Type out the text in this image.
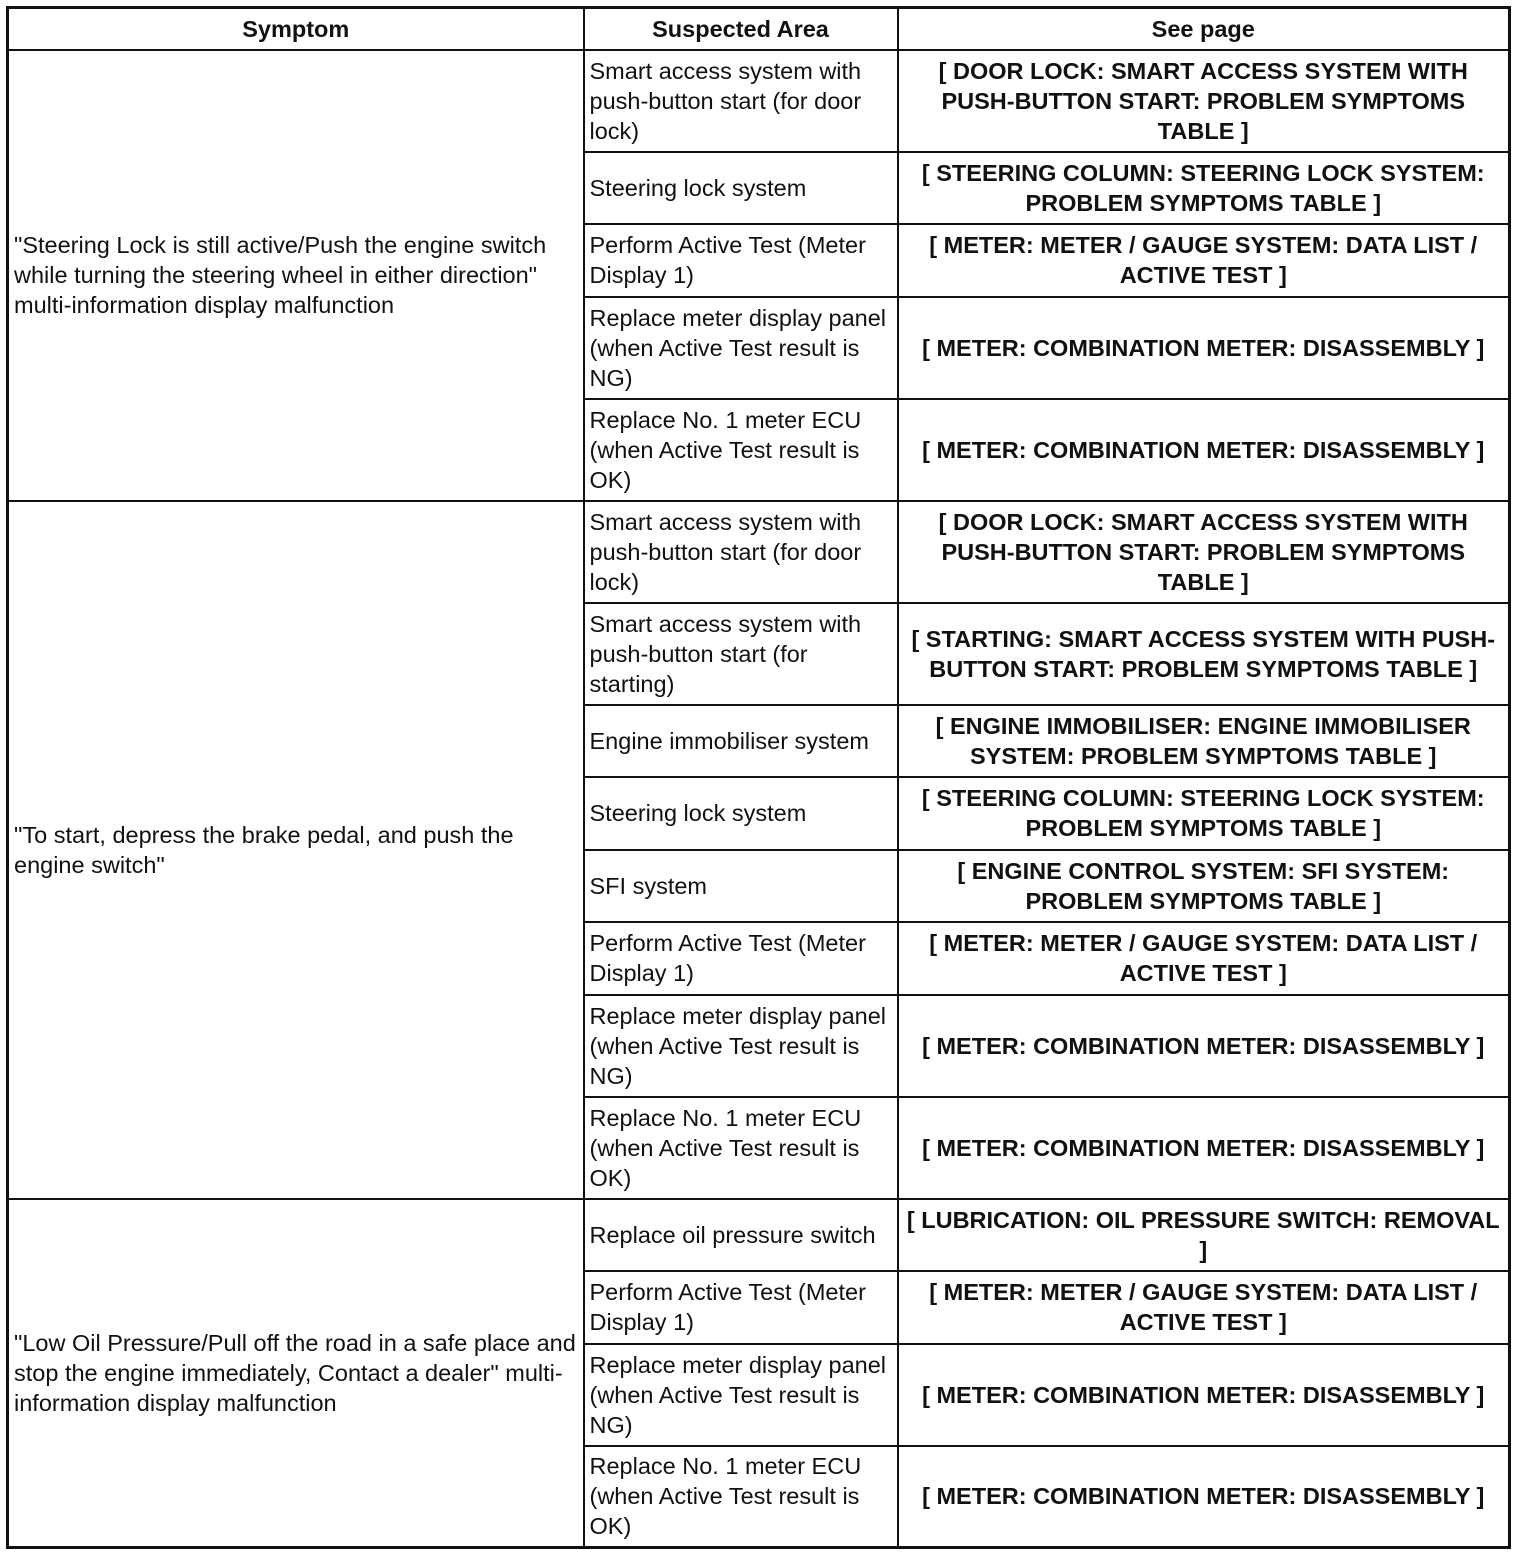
Symptom	Suspected Area	See page
"Steering Lock is still active/Push the engine switch while turning the steering wheel in either direction" multi-information display malfunction	Smart access system with push-button start (for door lock)	[ DOOR LOCK: SMART ACCESS SYSTEM WITH PUSH-BUTTON START: PROBLEM SYMPTOMS TABLE ]
	Steering lock system	[ STEERING COLUMN: STEERING LOCK SYSTEM: PROBLEM SYMPTOMS TABLE ]
	Perform Active Test (Meter Display 1)	[ METER: METER / GAUGE SYSTEM: DATA LIST / ACTIVE TEST ]
	Replace meter display panel (when Active Test result is NG)	[ METER: COMBINATION METER: DISASSEMBLY ]
	Replace No. 1 meter ECU (when Active Test result is OK)	[ METER: COMBINATION METER: DISASSEMBLY ]
"To start, depress the brake pedal, and push the engine switch"	Smart access system with push-button start (for door lock)	[ DOOR LOCK: SMART ACCESS SYSTEM WITH PUSH-BUTTON START: PROBLEM SYMPTOMS TABLE ]
	Smart access system with push-button start (for starting)	[ STARTING: SMART ACCESS SYSTEM WITH PUSH-BUTTON START: PROBLEM SYMPTOMS TABLE ]
	Engine immobiliser system	[ ENGINE IMMOBILISER: ENGINE IMMOBILISER SYSTEM: PROBLEM SYMPTOMS TABLE ]
	Steering lock system	[ STEERING COLUMN: STEERING LOCK SYSTEM: PROBLEM SYMPTOMS TABLE ]
	SFI system	[ ENGINE CONTROL SYSTEM: SFI SYSTEM: PROBLEM SYMPTOMS TABLE ]
	Perform Active Test (Meter Display 1)	[ METER: METER / GAUGE SYSTEM: DATA LIST / ACTIVE TEST ]
	Replace meter display panel (when Active Test result is NG)	[ METER: COMBINATION METER: DISASSEMBLY ]
	Replace No. 1 meter ECU (when Active Test result is OK)	[ METER: COMBINATION METER: DISASSEMBLY ]
"Low Oil Pressure/Pull off the road in a safe place and stop the engine immediately, Contact a dealer" multi-information display malfunction	Replace oil pressure switch	[ LUBRICATION: OIL PRESSURE SWITCH: REMOVAL ]
	Perform Active Test (Meter Display 1)	[ METER: METER / GAUGE SYSTEM: DATA LIST / ACTIVE TEST ]
	Replace meter display panel (when Active Test result is NG)	[ METER: COMBINATION METER: DISASSEMBLY ]
	Replace No. 1 meter ECU (when Active Test result is OK)	[ METER: COMBINATION METER: DISASSEMBLY ]
